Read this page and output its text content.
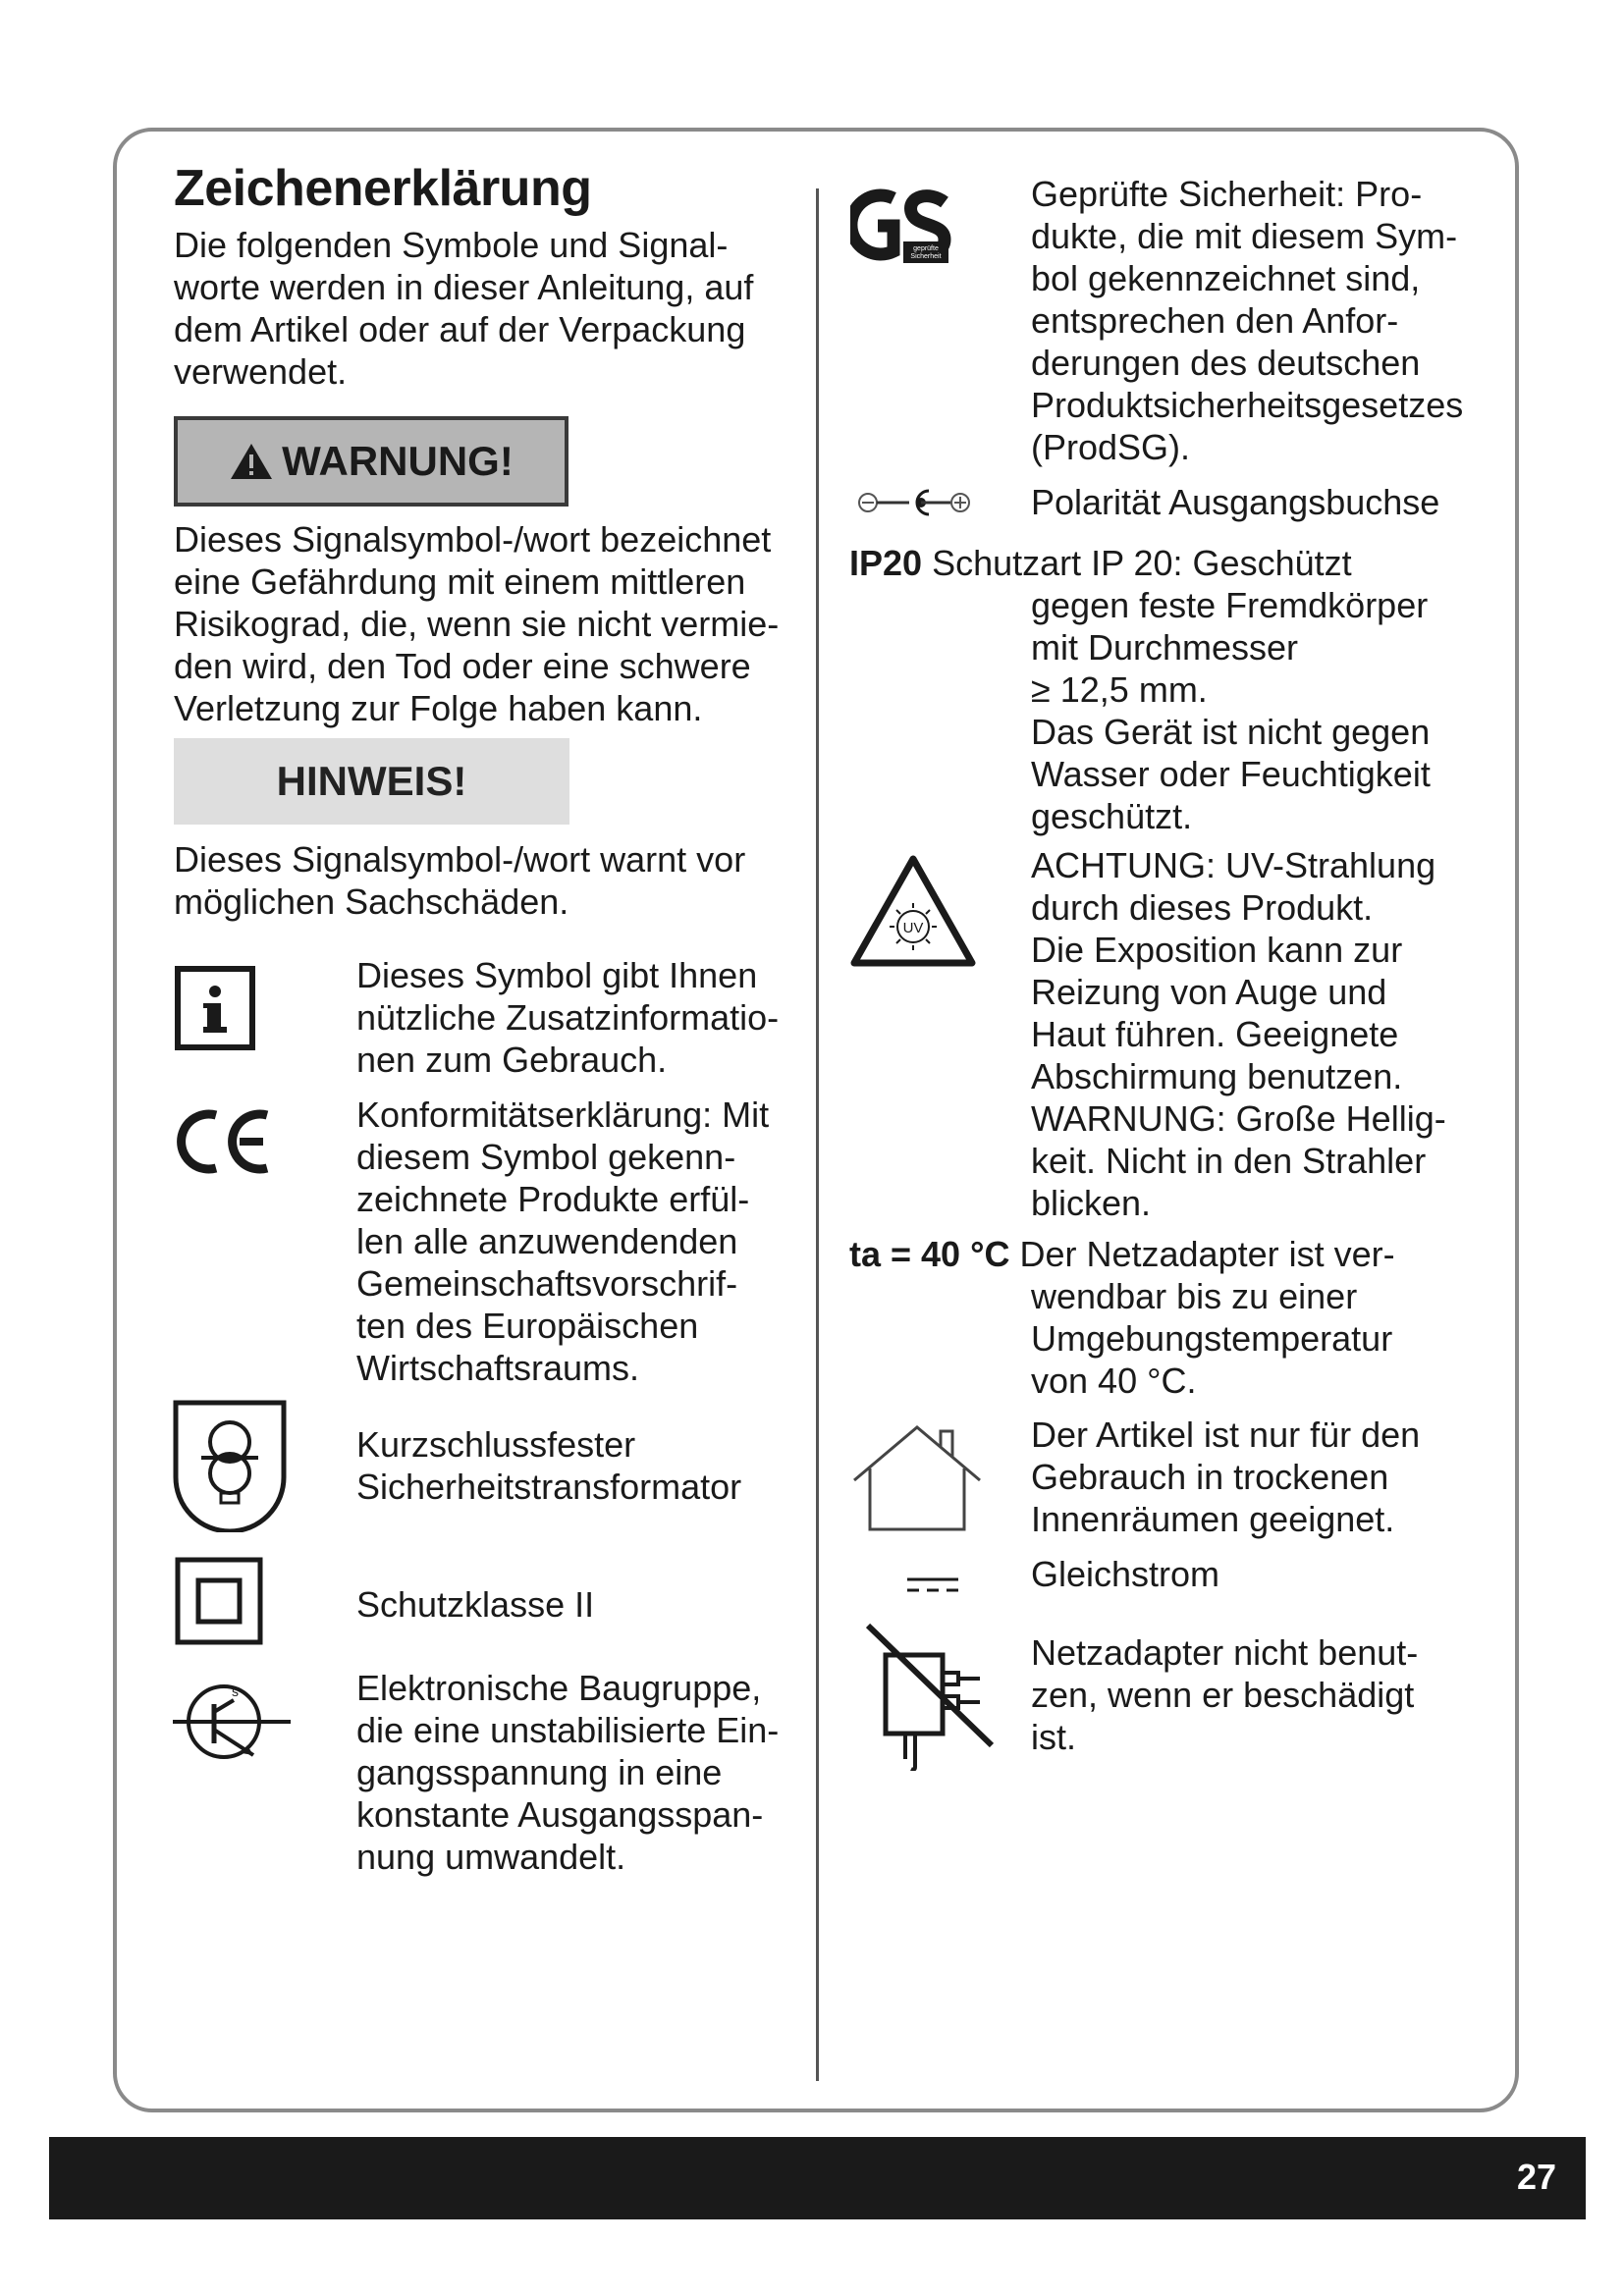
Zeichenerklärung
Die folgenden Symbole und Signal-
worte werden in dieser Anleitung, auf
dem Artikel oder auf der Verpackung
verwendet.
WARNUNG!
Dieses Signalsymbol-/wort bezeichnet
eine Gefährdung mit einem mittleren
Risikograd, die, wenn sie nicht vermie-
den wird, den Tod oder eine schwere
Verletzung zur Folge haben kann.
HINWEIS!
Dieses Signalsymbol-/wort warnt vor
möglichen Sachschäden.
Dieses Symbol gibt Ihnen
nützliche Zusatzinformatio-
nen zum Gebrauch.
Konformitätserklärung: Mit
diesem Symbol gekenn-
zeichnete Produkte erfül-
len alle anzuwendenden
Gemeinschaftsvorschrif-
ten des Europäischen
Wirtschaftsraums.
Kurzschlussfester
Sicherheitstransformator
Schutzklasse II
s	Elektronische Baugruppe,
die eine unstabilisierte Ein-
gangsspannung in eine
konstante Ausgangsspan-
nung umwandelt.
geprüfte Sicherheit
Geprüfte Sicherheit: Pro-
dukte, die mit diesem Sym-
bol gekennzeichnet sind,
entsprechen den Anfor-
derungen des deutschen
Produktsicherheitsgesetzes
(ProdSG).
Polarität Ausgangsbuchse
IP20 Schutzart IP 20: Geschützt
gegen feste Fremdkörper
mit Durchmesser
≥ 12,5 mm.
Das Gerät ist nicht gegen
Wasser oder Feuchtigkeit
geschützt.
UV
ACHTUNG: UV-Strahlung
durch dieses Produkt.
Die Exposition kann zur
Reizung von Auge und
Haut führen. Geeignete
Abschirmung benutzen.
WARNUNG: Große Hellig-
keit. Nicht in den Strahler
blicken.
ta = 40 °C Der Netzadapter ist ver-
wendbar bis zu einer
Umgebungstemperatur
von 40 °C.
Der Artikel ist nur für den
Gebrauch in trockenen
Innenräumen geeignet.
Gleichstrom
Netzadapter nicht benut-
zen, wenn er beschädigt
ist.
27
